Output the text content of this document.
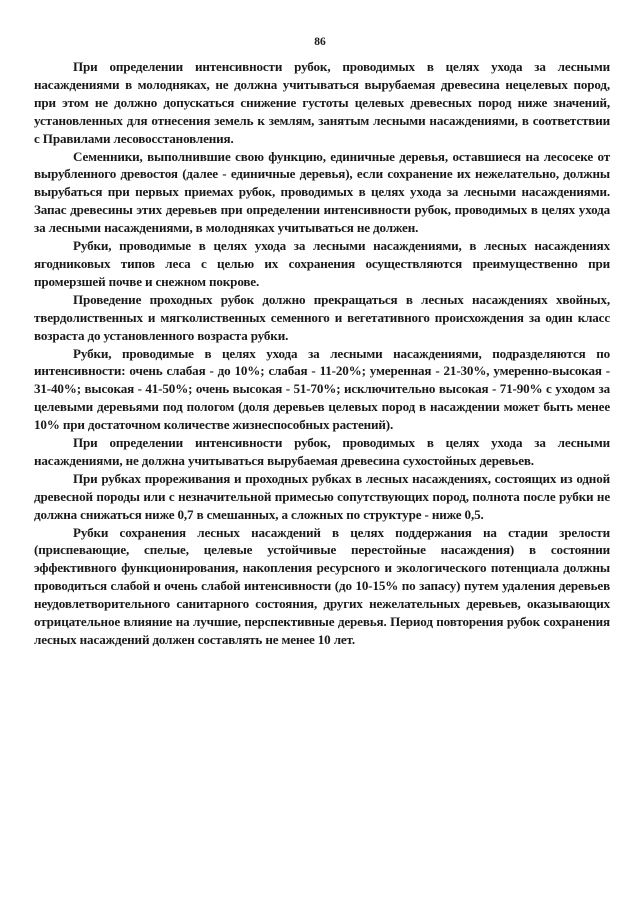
86

При определении интенсивности рубок, проводимых в целях ухода за лесными насаждениями в молодняках, не должна учитываться вырубаемая древесина нецелевых пород, при этом не должно допускаться снижение густоты целевых древесных пород ниже значений, установленных для отнесения земель к землям, занятым лесными насаждениями, в соответствии с Правилами лесовосстановления.

Семенники, выполнившие свою функцию, единичные деревья, оставшиеся на лесосеке от вырубленного древостоя (далее - единичные деревья), если сохранение их нежелательно, должны вырубаться при первых приемах рубок, проводимых в целях ухода за лесными насаждениями. Запас древесины этих деревьев при определении интенсивности рубок, проводимых в целях ухода за лесными насаждениями, в молодняках учитываться не должен.

Рубки, проводимые в целях ухода за лесными насаждениями, в лесных насаждениях ягодниковых типов леса с целью их сохранения осуществляются преимущественно при промерзшей почве и снежном покрове.

Проведение проходных рубок должно прекращаться в лесных насаждениях хвойных, твердолиственных и мягколиственных семенного и вегетативного происхождения за один класс возраста до установленного возраста рубки.

Рубки, проводимые в целях ухода за лесными насаждениями, подразделяются по интенсивности: очень слабая - до 10%; слабая - 11-20%; умеренная - 21-30%, умеренно-высокая - 31-40%; высокая - 41-50%; очень высокая - 51-70%; исключительно высокая - 71-90% с уходом за целевыми деревьями под пологом (доля деревьев целевых пород в насаждении может быть менее 10% при достаточном количестве жизнеспособных растений).

При определении интенсивности рубок, проводимых в целях ухода за лесными насаждениями, не должна учитываться вырубаемая древесина сухостойных деревьев.

При рубках прореживания и проходных рубках в лесных насаждениях, состоящих из одной древесной породы или с незначительной примесью сопутствующих пород, полнота после рубки не должна снижаться ниже 0,7 в смешанных, а сложных по структуре - ниже 0,5.

Рубки сохранения лесных насаждений в целях поддержания на стадии зрелости (приспевающие, спелые, целевые устойчивые перестойные насаждения) в состоянии эффективного функционирования, накопления ресурсного и экологического потенциала должны проводиться слабой и очень слабой интенсивности (до 10-15% по запасу) путем удаления деревьев неудовлетворительного санитарного состояния, других нежелательных деревьев, оказывающих отрицательное влияние на лучшие, перспективные деревья. Период повторения рубок сохранения лесных насаждений должен составлять не менее 10 лет.
